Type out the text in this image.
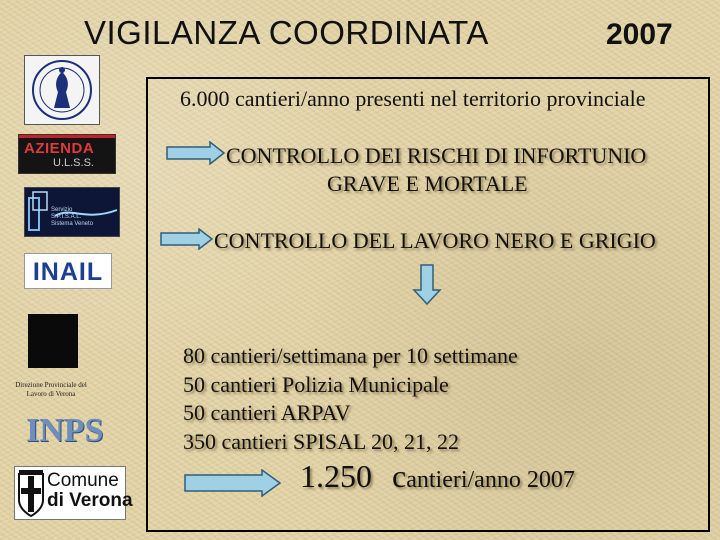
VIGILANZA COORDINATA	2007
AZIENDA
U.L.S.S.
Servizio
S.P.I.S.A.L.
Sistema Veneto
INAIL
Direzione Provinciale del Lavoro di Verona
INPS
Comune
di Verona
6.000 cantieri/anno presenti nel territorio provinciale
CONTROLLO DEI RISCHI DI INFORTUNIO
GRAVE E MORTALE
CONTROLLO DEL LAVORO NERO E GRIGIO
80 cantieri/settimana per 10 settimane
50 cantieri Polizia Municipale
50 cantieri ARPAV
350 cantieri SPISAL 20, 21, 22
1.250 cantieri/anno 2007
